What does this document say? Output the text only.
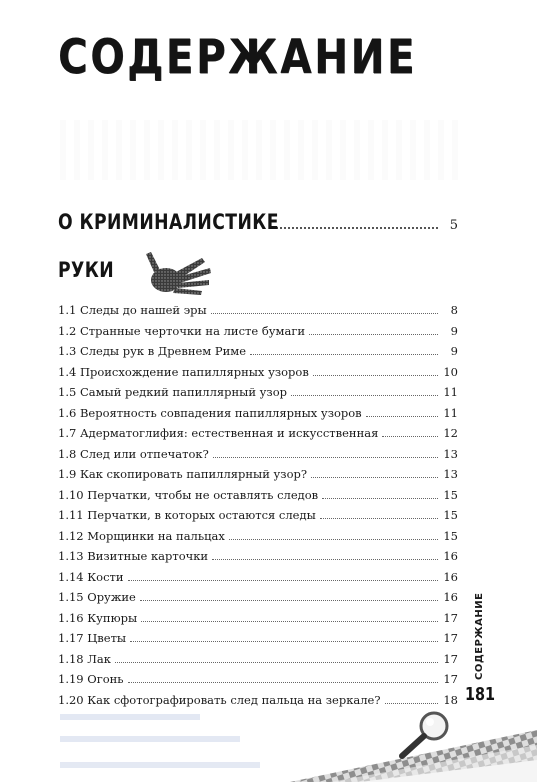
СОДЕРЖАНИЕ
О КРИМИНАЛИСТИКЕ	5
РУКИ
1.1 Следы до нашей эры	8
1.2 Странные черточки на листе бумаги	9
1.3 Следы рук в Древнем Риме	9
1.4 Происхождение папиллярных узоров	10
1.5 Самый редкий папиллярный узор	11
1.6 Вероятность совпадения папиллярных узоров	11
1.7 Адерматоглифия: естественная и искусственная	12
1.8 След или отпечаток?	13
1.9 Как скопировать папиллярный узор?	13
1.10 Перчатки, чтобы не оставлять следов	15
1.11 Перчатки, в которых остаются следы	15
1.12 Морщинки на пальцах	15
1.13 Визитные карточки	16
1.14 Кости	16
1.15 Оружие	16
1.16 Купюры	17
1.17 Цветы	17
1.18 Лак	17
1.19 Огонь	17
1.20 Как сфотографировать след пальца на зеркале?	18
СОДЕРЖАНИЕ
181
